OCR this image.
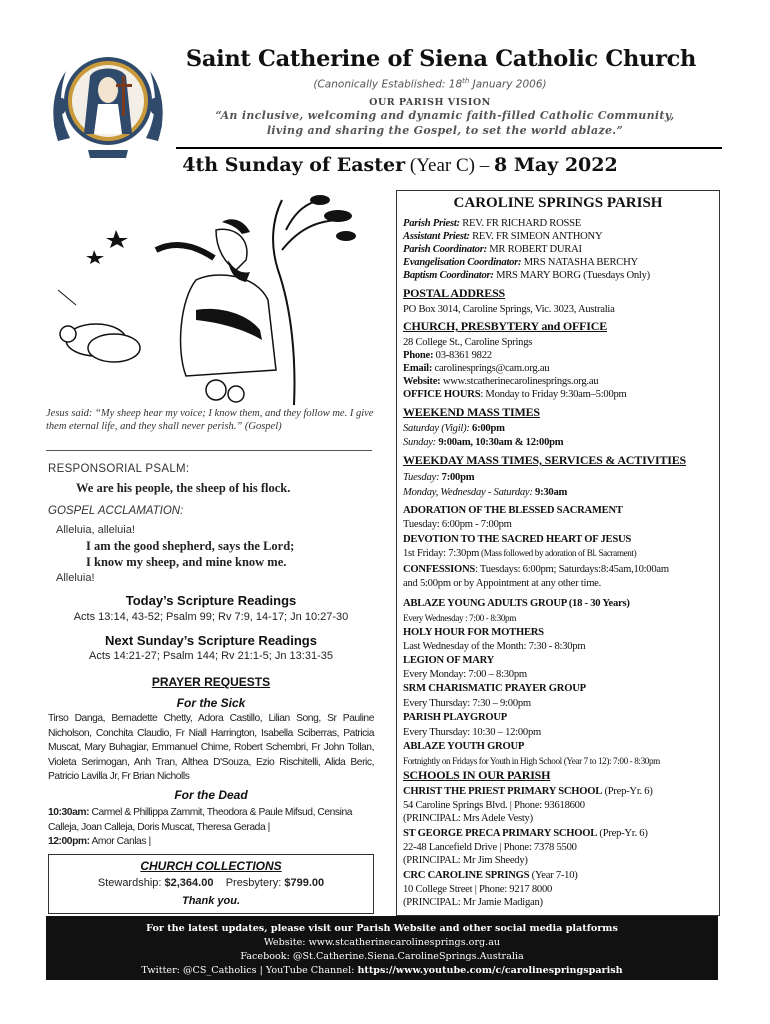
Saint Catherine of Siena Catholic Church
(Canonically Established: 18th January 2006)
OUR PARISH VISION
“An inclusive, welcoming and dynamic faith-filled Catholic Community,
living and sharing the Gospel, to set the world ablaze.”
4th Sunday of Easter (Year C) – 8 May 2022
Jesus said: “My sheep hear my voice; I know them, and they follow me. I give them eternal life, and they shall never perish.” (Gospel)
RESPONSORIAL PSALM:
We are his people, the sheep of his flock.
GOSPEL ACCLAMATION:
Alleluia, alleluia!
I am the good shepherd, says the Lord;
I know my sheep, and mine know me.
Alleluia!
Today’s Scripture Readings
Acts 13:14, 43-52; Psalm 99; Rv 7:9, 14-17; Jn 10:27-30
Next Sunday’s Scripture Readings
Acts 14:21-27; Psalm 144; Rv 21:1-5; Jn 13:31-35
PRAYER REQUESTS
For the Sick
Tirso Danga, Bernadette Chetty, Adora Castillo, Lilian Song, Sr Pauline Nicholson, Conchita Claudio, Fr Niall Harrington, Isabella Sciberras, Patricia Muscat, Mary Buhagiar, Emmanuel Chime, Robert Schembri, Fr John Tollan, Violeta Serimogan, Anh Tran, Althea D'Souza, Ezio Rischitelli, Alida Beric, Patricio Lavilla Jr, Fr Brian Nicholls
For the Dead
10:30am: Carmel & Phillippa Zammit, Theodora & Paule Mifsud, Censina Calleja, Joan Calleja, Doris Muscat, Theresa Gerada |
12:00pm: Amor Canlas |
CHURCH COLLECTIONS
Stewardship: $2,364.00 Presbytery: $799.00
Thank you.
CAROLINE SPRINGS PARISH
Parish Priest: REV. FR RICHARD ROSSE
Assistant Priest: REV. FR SIMEON ANTHONY
Parish Coordinator: MR ROBERT DURAI
Evangelisation Coordinator: MRS NATASHA BERCHY
Baptism Coordinator: MRS MARY BORG (Tuesdays Only)
POSTAL ADDRESS
PO Box 3014, Caroline Springs, Vic. 3023, Australia
CHURCH, PRESBYTERY and OFFICE
28 College St., Caroline Springs
Phone: 03-8361 9822
Email: carolinesprings@cam.org.au
Website: www.stcatherinecarolinesprings.org.au
OFFICE HOURS: Monday to Friday 9:30am–5:00pm
WEEKEND MASS TIMES
Saturday (Vigil): 6:00pm
Sunday: 9:00am, 10:30am & 12:00pm
WEEKDAY MASS TIMES, SERVICES & ACTIVITIES
Tuesday: 7:00pm
Monday, Wednesday - Saturday: 9:30am
ADORATION OF THE BLESSED SACRAMENT
Tuesday: 6:00pm - 7:00pm
DEVOTION TO THE SACRED HEART OF JESUS
1st Friday: 7:30pm (Mass followed by adoration of Bl. Sacrament)
CONFESSIONS: Tuesdays: 6:00pm; Saturdays:8:45am,10:00am
and 5:00pm or by Appointment at any other time.
ABLAZE YOUNG ADULTS GROUP (18 - 30 Years)
Every Wednesday : 7:00 - 8:30pm
HOLY HOUR FOR MOTHERS
Last Wednesday of the Month: 7:30 - 8:30pm
LEGION OF MARY
Every Monday: 7:00 – 8:30pm
SRM CHARISMATIC PRAYER GROUP
Every Thursday: 7:30 – 9:00pm
PARISH PLAYGROUP
Every Thursday: 10:30 – 12:00pm
ABLAZE YOUTH GROUP
Fortnightly on Fridays for Youth in High School (Year 7 to 12): 7:00 - 8:30pm
SCHOOLS IN OUR PARISH
CHRIST THE PRIEST PRIMARY SCHOOL (Prep-Yr. 6)
54 Caroline Springs Blvd. | Phone: 93618600
(PRINCIPAL: Mrs Adele Vesty)
ST GEORGE PRECA PRIMARY SCHOOL (Prep-Yr. 6)
22-48 Lancefield Drive | Phone: 7378 5500
(PRINCIPAL: Mr Jim Sheedy)
CRC CAROLINE SPRINGS (Year 7-10)
10 College Street | Phone: 9217 8000
(PRINCIPAL: Mr Jamie Madigan)
For the latest updates, please visit our Parish Website and other social media platforms
Website: www.stcatherinecarolinesprings.org.au
Facebook: @St.Catherine.Siena.CarolineSprings.Australia
Twitter: @CS_Catholics | YouTube Channel: https://www.youtube.com/c/carolinespringsparish
